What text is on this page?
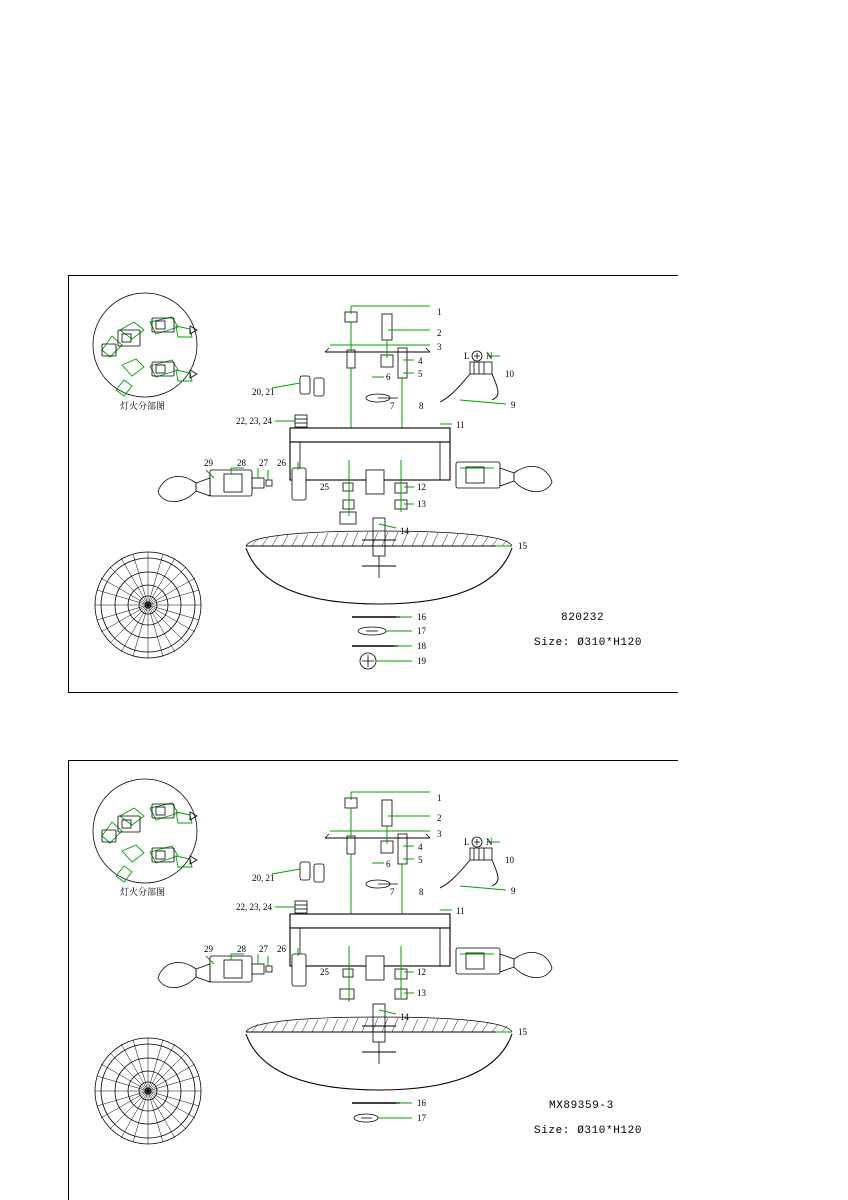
灯火分部图
1
2
3
4
5
6
7	8	9
10
11
12
13
14
15
16
17
18
19
20, 21
22, 23, 24
25
26
27
28
29
L N
820232
Size: Ø310*H120
灯火分部图
1
2
3
4
5
6
7	8	9
10
11
12
13
14
15
16
17
20, 21
22, 23, 24
25
26
27
28
29
L N
MX89359-3
Size: Ø310*H120
